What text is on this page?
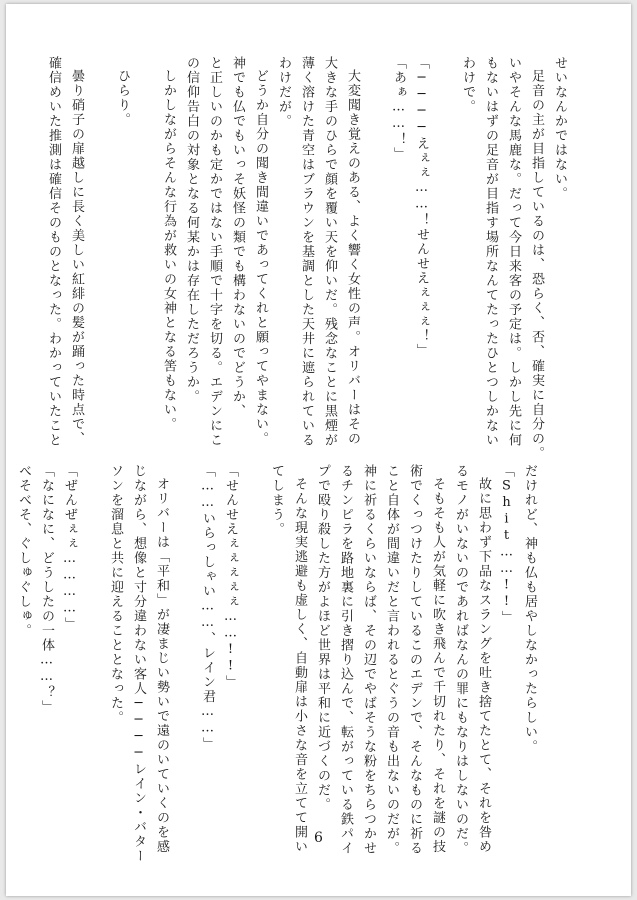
せいなんかではない。
足音の主が目指しているのは、恐らく、否、確実に自分の。
いやそんな馬鹿な。だって今日来客の予定は。しかし先に何
もないはずの足音が目指す場所なんてたったひとつしかない
わけで。
「────えぇぇ……！せんせえぇぇぇ！」
「あぁ……！」
大変聞き覚えのある、よく響く女性の声。オリバーはその
大きな手のひらで顔を覆い天を仰いだ。残念なことに黒煙が
薄く溶けた青空はブラウンを基調とした天井に遮られている
わけだが。
どうか自分の聞き間違いであってくれと願ってやまない。
神でも仏でもいっそ妖怪の類でも構わないのでどうか、
と正しいのかも定かではない手順で十字を切る。エデンにこ
の信仰告白の対象となる何某かは存在しただろうか。
しかしながらそんな行為が救いの女神となる筈もない。
ひらり。
曇り硝子の扉越しに長く美しい紅緋の髪が踊った時点で、
確信めいた推測は確信そのものとなった。わかっていたこと
だけれど、神も仏も居やしなかったらしい。
「Shit……!!」
故に思わず下品なスラングを吐き捨てたとて、それを咎め
るモノがいないのであればなんの罪にもなりはしないのだ。
そもそも人が気軽に吹き飛んで千切れたり、それを謎の技
術でくっつけたりしているこのエデンで、そんなものに祈る
こと自体が間違いだと言われるとぐうの音も出ないのだが。
神に祈るくらいならば、その辺でやばそうな粉をちらつかせ
るチンピラを路地裏に引き摺り込んで、転がっている鉄パイ
プで殴り殺した方がよほど世界は平和に近づくのだ。
そんな現実逃避も虚しく、自動扉は小さな音を立てて開い
てしまう。
「せんせえぇぇぇぇぇ……!!」
「……いらっしゃい……、レイン君……」
オリバーは「平和」が凄まじい勢いで遠のいていくのを感
じながら、想像と寸分違わない客人────レイン・バター
ソンを溜息と共に迎えることとなった。
「ぜんぜぇぇ…………」
「なになに、どうしたの一体……？」
べそべそ、ぐしゅぐしゅ。
6
